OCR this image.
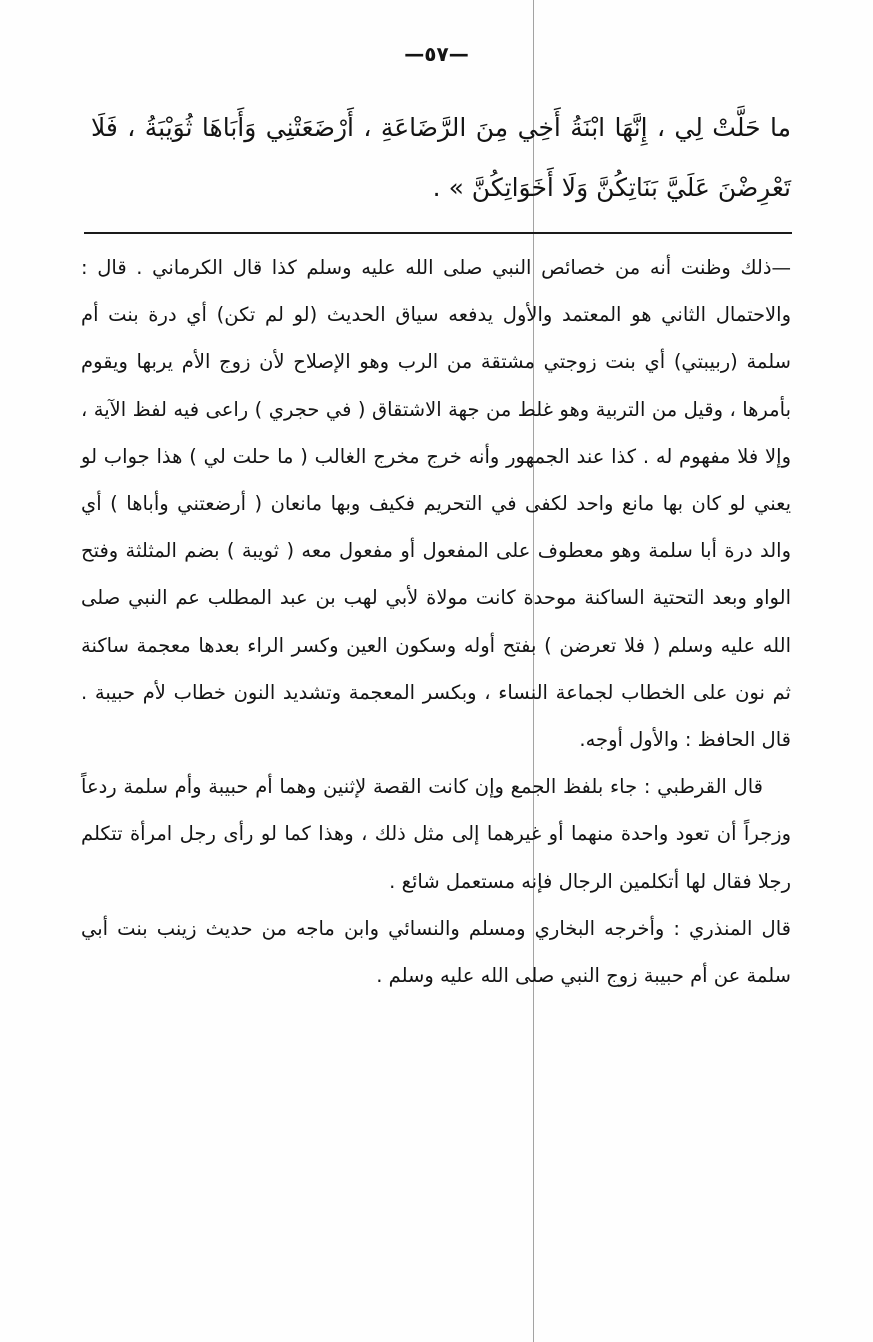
—٥٧—
ما حَلَّتْ لِي ، إِنَّهَا ابْنَةُ أَخِي مِنَ الرَّضَاعَةِ ، أَرْضَعَتْنِي وَأَبَاهَا ثُوَيْبَةُ ، فَلَا تَعْرِضْنَ عَلَيَّ بَنَاتِكُنَّ وَلَا أَخَوَاتِكُنَّ » .

—ذلك وظنت أنه من خصائص النبي صلى الله عليه وسلم كذا قال الكرماني . قال : والاحتمال الثاني هو المعتمد والأول يدفعه سياق الحديث (لو لم تكن) أي درة بنت أم سلمة (ربيبتي) أي بنت زوجتي مشتقة من الرب وهو الإصلاح لأن زوج الأم يربها ويقوم بأمرها ، وقيل من التربية وهو غلط من جهة الاشتقاق ( في حجري ) راعى فيه لفظ الآية ، وإلا فلا مفهوم له . كذا عند الجمهور وأنه خرج مخرج الغالب ( ما حلت لي ) هذا جواب لو يعني لو كان بها مانع واحد لكفى في التحريم فكيف وبها مانعان ( أرضعتني وأباها ) أي والد درة أبا سلمة وهو معطوف على المفعول أو مفعول معه ( ثويبة ) بضم المثلثة وفتح الواو وبعد التحتية الساكنة موحدة كانت مولاة لأبي لهب بن عبد المطلب عم النبي صلى الله عليه وسلم ( فلا تعرضن ) بفتح أوله وسكون العين وكسر الراء بعدها معجمة ساكنة ثم نون على الخطاب لجماعة النساء ، وبكسر المعجمة وتشديد النون خطاب لأم حبيبة . قال الحافظ : والأول أوجه.

قال القرطبي : جاء بلفظ الجمع وإن كانت القصة لإثنين وهما أم حبيبة وأم سلمة ردعاً وزجراً أن تعود واحدة منهما أو غيرهما إلى مثل ذلك ، وهذا كما لو رأى رجل امرأة تتكلم رجلا فقال لها أتكلمين الرجال فإنه مستعمل شائع .

قال المنذري : وأخرجه البخاري ومسلم والنسائي وابن ماجه من حديث زينب بنت أبي سلمة عن أم حبيبة زوج النبي صلى الله عليه وسلم .
